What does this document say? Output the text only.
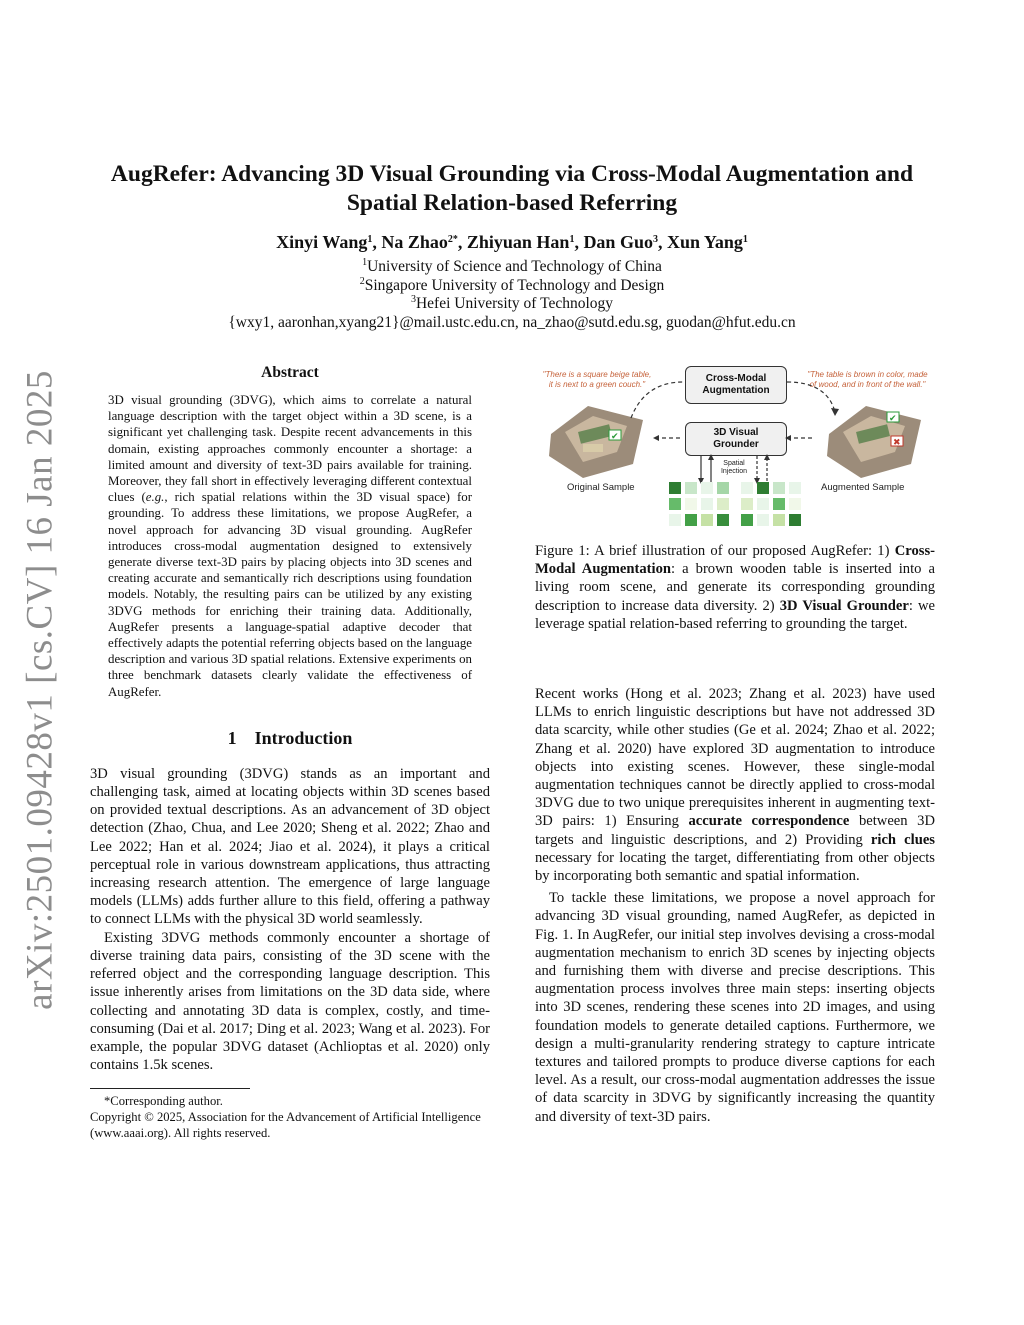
arXiv:2501.09428v1 [cs.CV] 16 Jan 2025
AugRefer: Advancing 3D Visual Grounding via Cross-Modal Augmentation and Spatial Relation-based Referring
Xinyi Wang$^1$, Na Zhao$^{2*}$, Zhiyuan Han$^1$, Dan Guo$^3$, Xun Yang$^1$
$^1$University of Science and Technology of China
$^2$Singapore University of Technology and Design
$^3$Hefei University of Technology
{wxy1, aaronhan,xyang21}@mail.ustc.edu.cn, na_zhao@sutd.edu.sg, guodan@hfut.edu.cn
Abstract
3D visual grounding (3DVG), which aims to correlate a natural language description with the target object within a 3D scene, is a significant yet challenging task. Despite recent advancements in this domain, existing approaches commonly encounter a shortage: a limited amount and diversity of text-3D pairs available for training. Moreover, they fall short in effectively leveraging different contextual clues (e.g., rich spatial relations within the 3D visual space) for grounding. To address these limitations, we propose AugRefer, a novel approach for advancing 3D visual grounding. AugRefer introduces cross-modal augmentation designed to extensively generate diverse text-3D pairs by placing objects into 3D scenes and creating accurate and semantically rich descriptions using foundation models. Notably, the resulting pairs can be utilized by any existing 3DVG methods for enriching their training data. Additionally, AugRefer presents a language-spatial adaptive decoder that effectively adapts the potential referring objects based on the language description and various 3D spatial relations. Extensive experiments on three benchmark datasets clearly validate the effectiveness of AugRefer.
1 Introduction

3D visual grounding (3DVG) stands as an important and challenging task, aimed at locating objects within 3D scenes based on provided textual descriptions. As an advancement of 3D object detection (Zhao, Chua, and Lee 2020; Sheng et al. 2022; Zhao and Lee 2022; Han et al. 2024; Jiao et al. 2024), it plays a critical perceptual role in various downstream applications, thus attracting increasing research attention. The emergence of large language models (LLMs) adds further allure to this field, offering a pathway to connect LLMs with the physical 3D world seamlessly.

Existing 3DVG methods commonly encounter a shortage of diverse training data pairs, consisting of the 3D scene with the referred object and the corresponding language description. This issue inherently arises from limitations on the 3D data side, where collecting and annotating 3D data is complex, costly, and time-consuming (Dai et al. 2017; Ding et al. 2023; Wang et al. 2023). For example, the popular 3DVG dataset (Achlioptas et al. 2020) only contains 1.5k scenes.

*Corresponding author.

Copyright © 2025, Association for the Advancement of Artificial Intelligence (www.aaai.org). All rights reserved.

"There is a square beige table, it is next to a green couch."
"The table is brown in color, made of wood, and in front of the wall."
✔
✔
✖
Cross-Modal
Augmentation
3D Visual
Grounder
Spatial
Injection
Original Sample	Augmented Sample
Figure 1: A brief illustration of our proposed AugRefer: 1) Cross-Modal Augmentation: a brown wooden table is inserted into a living room scene, and generate its corresponding grounding description to increase data diversity. 2) 3D Visual Grounder: we leverage spatial relation-based referring to grounding the target.

Recent works (Hong et al. 2023; Zhang et al. 2023) have used LLMs to enrich linguistic descriptions but have not addressed 3D data scarcity, while other studies (Ge et al. 2024; Zhao et al. 2022; Zhang et al. 2020) have explored 3D augmentation to introduce objects into existing scenes. However, these single-modal augmentation techniques cannot be directly applied to cross-modal 3DVG due to two unique prerequisites inherent in augmenting text-3D pairs: 1) Ensuring accurate correspondence between 3D targets and linguistic descriptions, and 2) Providing rich clues necessary for locating the target, differentiating from other objects by incorporating both semantic and spatial information.

To tackle these limitations, we propose a novel approach for advancing 3D visual grounding, named AugRefer, as depicted in Fig. 1. In AugRefer, our initial step involves devising a cross-modal augmentation mechanism to enrich 3D scenes by injecting objects and furnishing them with diverse and precise descriptions. This augmentation process involves three main steps: inserting objects into 3D scenes, rendering these scenes into 2D images, and using foundation models to generate detailed captions. Furthermore, we design a multi-granularity rendering strategy to capture intricate textures and tailored prompts to produce diverse captions for each level. As a result, our cross-modal augmentation addresses the issue of data scarcity in 3DVG by significantly increasing the quantity and diversity of text-3D pairs.
